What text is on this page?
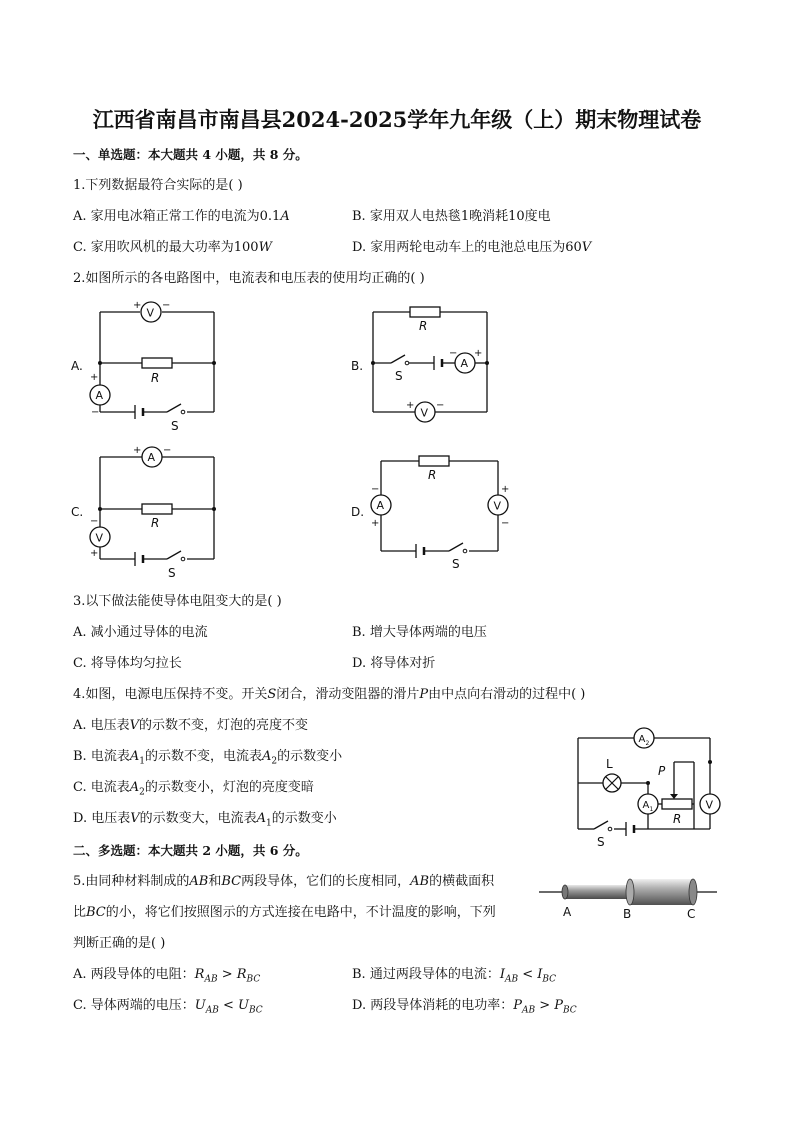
江西省南昌市南昌县2024-2025学年九年级（上）期末物理试卷
一、单选题：本大题共 4 小题，共 8 分。
1.下列数据最符合实际的是( )
A. 家用电冰箱正常工作的电流为0.1A	B. 家用双人电热毯1晚消耗10度电
C. 家用吹风机的最大功率为100W	D. 家用两轮电动车上的电池总电压为60V
2.如图所示的各电路图中，电流表和电压表的使用均正确的( )
A.
V
+ −
R
A
+
−
S
B.
R
S
A
− +
V
+ −
C.
A
+ −
R
V
−
+
S
D.
R
A
−
+
V
+
−
S
3.以下做法能使导体电阻变大的是( )
A. 减小通过导体的电流	B. 增大导体两端的电压
C. 将导体均匀拉长	D. 将导体对折
4.如图，电源电压保持不变。开关S闭合，滑动变阻器的滑片P由中点向右滑动的过程中( )
A. 电压表V的示数不变，灯泡的亮度不变
B. 电流表$A_1$的示数不变，电流表$A_2$的示数变小
C. 电流表$A_2$的示数变小，灯泡的亮度变暗
D. 电压表V的示数变大，电流表$A_1$的示数变小
A 2
L
A 1
P
R
V
S
二、多选题：本大题共 2 小题，共 6 分。
5.由同种材料制成的AB和BC两段导体，它们的长度相同，AB的横截面积
比BC的小，将它们按照图示的方式连接在电路中，不计温度的影响，下列
判断正确的是( )
A	B	C
A. 两段导体的电阻：$R_{AB} > R_{BC}$	B. 通过两段导体的电流：$I_{AB} < I_{BC}$
C. 导体两端的电压：$U_{AB} < U_{BC}$	D. 两段导体消耗的电功率：$P_{AB} > P_{BC}$
